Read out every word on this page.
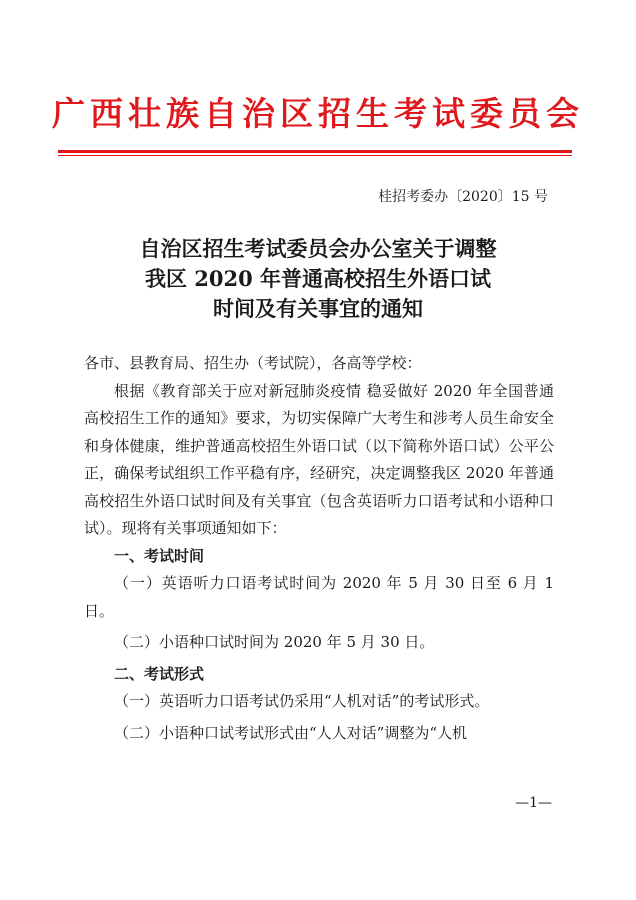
广西壮族自治区招生考试委员会
桂招考委办〔2020〕15 号
自治区招生考试委员会办公室关于调整
我区 2020 年普通高校招生外语口试
时间及有关事宜的通知

各市、县教育局、招生办（考试院），各高等学校：

根据《教育部关于应对新冠肺炎疫情 稳妥做好 2020 年全国普通高校招生工作的通知》要求，为切实保障广大考生和涉考人员生命安全和身体健康，维护普通高校招生外语口试（以下简称外语口试）公平公正，确保考试组织工作平稳有序，经研究，决定调整我区 2020 年普通高校招生外语口试时间及有关事宜（包含英语听力口语考试和小语种口试）。现将有关事项通知如下：

一、考试时间

（一）英语听力口语考试时间为 2020 年 5 月 30 日至 6 月 1 日。

（二）小语种口试时间为 2020 年 5 月 30 日。

二、考试形式

（一）英语听力口语考试仍采用“人机对话”的考试形式。

（二）小语种口试考试形式由“人人对话”调整为“人机

—1—
